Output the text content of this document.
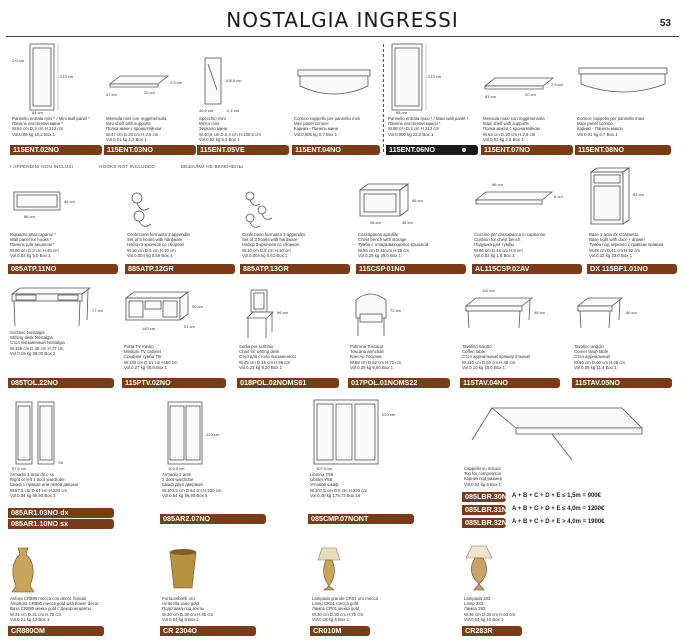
NOSTALGIA INGRESSI	53
213 cm
64 cm
3,0 cm
Pannello entrata mini * / Mini wall panel *
Панель настенная мини *
W.64 cm D.3 cm H.213 cm
Vol.0,08 kg 10,2 Box 1
115ENT.02NO
47 cm	20 cm
2,5 cm
Mensola mini con reggimensola
Mini shelf with supports
Полка мини с кронштейном
W.47 cm D.20 cm H.2,5 cm
Vol.0,01 kg 2,2 Box 1
115ENT.03NO
108,5 cm
40,6 cm	0,4 cm
Specchio mini
Mirror mini
Зеркало мини
W.40,6 cm D.0,4 cm H.108,5 cm
Vol.0,02 kg 5,4 Box 1
115ENT.05VE
Cornice cappello per pannello mini
Mini panel cornice
Карниз - Панель мини
Vol.0,005 kg 0,7 Box 1
115ENT.04NO
213 cm
98 cm
Pannello entrata maxi * / Maxi wall panel *
Панель настенная макси *
W.98 cm D.3 cm H.213 cm
Vol.0,090 kg 22,2 Box 1
115ENT.06NO
63 cm	20 cm
2,5 cm
Mensola maxi con reggimensola
Maxi shelf with supports
Полка макси с кронштейном
W.63 cm D.20 cm H.2,5 cm
Vol.0,01 kg 2,5 Box 1
115ENT.07NO
Cornice cappello per pannello maxi
Maxi panel cornice
Карниз - Панель макси
Vol.0,01 kg 0,7 Box 1
115ENT.08NO
* APPENDINI NON INCLUSI	HOOKS NOT INCLUDED	ВЕШАЛКИ НЕ ВКЛЮЧЕНЫ
46 cm
86 cm
Riquadro attaccapanni *
Wall panel for hooks *
Панель для вешалок *
W.86 cm D.3 cm H.46 cm
Vol.0,03 kg 5,0 Box 1
085ATP.11NO
Confezione fermanta 2 appendini
Set of 3 hooks with hardware
Набор 3 крючков со сборкой
W.10 cm D.5 cm H.10 cm
Vol.0,004 kg 0,59 Box 1
885ATP.12GR
Confezione fermanta 3 appendini
Set of 3 hooks with hardware
Набор 3 крючков со сборкой
W.10 cm D.5 cm H.10 cm
Vol.0,004 kg 0,61 Box 1
885ATP.13GR
58 cm
96 cm	46 cm
Cassapanca aprибile
Chest bench with storage
Тумба с откидывающейся крышкой
W.96 cm D.46 cm H.58 cm
Vol.0,29 kg 29,0 Box 1
115CSP.01NO
96 cm
6 cm
Cuscino per cassapanca in capitonne
Cushion for chest bench
Подушка для тумбы
W.96 cm D.46 cm H.6 cm
Vol.0,02 kg 1,6 Box 1
AL115CSP.02AV
92 cm
Base 1 anta dx c/cassetto
Base right with door + drawer
Тумба под зеркало с правым правым
W.48 cm D.41 cm H.92 cm
Vol.0,22 kg 23,0 Box 1
DX 115BF1.01NO
77 cm
Scrittoio Nostalgia
Writing desk Nostalgia
Стол письменный Nostalgia
W.129 cm D.45 cm H.77 cm
Vol.0,19 kg 38,00 Box 2
085TOL.22NO
50 cm
140 cm	51 cm
Porta TV medio
Medium TV cabinet
Средняя тумба ТВ
W.140 cm D.51 cm H.50 cm
Vol.0,27 kg 40,8 Box 1
115PTV.02NO
96 cm
Sedia per scrittoio
Chair for writing desk
Стул для стола письменного
W.45 cm D.45 cm H.96 cm
Vol.0,23 kg 8,20 Box 1
018POL.02NOMS61
72 cm
Poltrona Toscana
Toscana armchair
Кресло Тоскана
W.58 cm D.52 cm H.72 cm
Vol.0,28 kg 9,60 Box 1
017POL.01NOMS22
46 cm
110 cm
Tavolino salotto
Coffee table
Стол журнальный прямоугольный
W.110 cm D.50 cm H.46 cm
Vol.0,10 kg 15,0 Box 1
115TAV.04NO
46 cm
Tavolino angolo
Corner lamp table
Стол журнальный
W.60 cm D.60 cm H.46 cm
Vol.0,06 kg 11,4 Box 1
115TAV.05NO
57,5 cm
SX
Armadio 1 anta dx o sx
Right or left 1 door wardrobe
Шкаф с правой или левой дверью
W.57,5 cm D.64 cm H.220 cm
Vol.0,34 kg 66,90 Box 3
085AR1.03NO dx
085AR1.10NO sx
220 cm
103,5 cm
Armadio 2 ante
2 door wardrobe
Шкаф двух дверный
W.103,5 cm D.64 cm H.220 cm
Vol.0,54 kg 96,90 Box 5
085AR2.07NO
220 cm
107,5 cm
Libreria Y58
Library Y58
Угловой шкаф
W.107,5 cm D.5 cm H.220 cm
Vol.0,49 kg 179,73 Box 16
085CMP.07NONT
Cappello su misura
Top for composition
Карниз под размер
Vol.0,02 kg 6 Box 1
085LBR.30NO A + B + C + D + E ≤ 1,5m = 900€
085LBR.31NO A + B + C + D + E ≤ 4,0m = 1200€
085LBR.32NO A + B + C + D + E > 4,0m = 1900€
Anfora CR880 mecca con decor. floreali
Amphora CR880 mecca gold with flower decor.
Ваза CR880 мекка gold с декором цветы
W.31 cm D.31 cm H.70 cm
Vol.0,21 kg 12 Box 1
CR880OM
Portaombrelli oro
Umbrella vase gold
Подставка под зонты
W.30 cm D.30 cm H.46 cm
Vol.0,04 kg 6 Box 1
CR 2304O
Lampada grande CR01 oro mecca
Lamp CR01 mecca gold
Лампа CR01 мекка gold
W.30 cm D.30 cm H.75 cm
Vol.0,18 kg 5 Box 1
CR010M
Lampada 283
Lamp 283
Лампа 283
W.36 cm D.36 cm H.63 cm
Vol.0,04 kg 10 Box 1
CR283R
